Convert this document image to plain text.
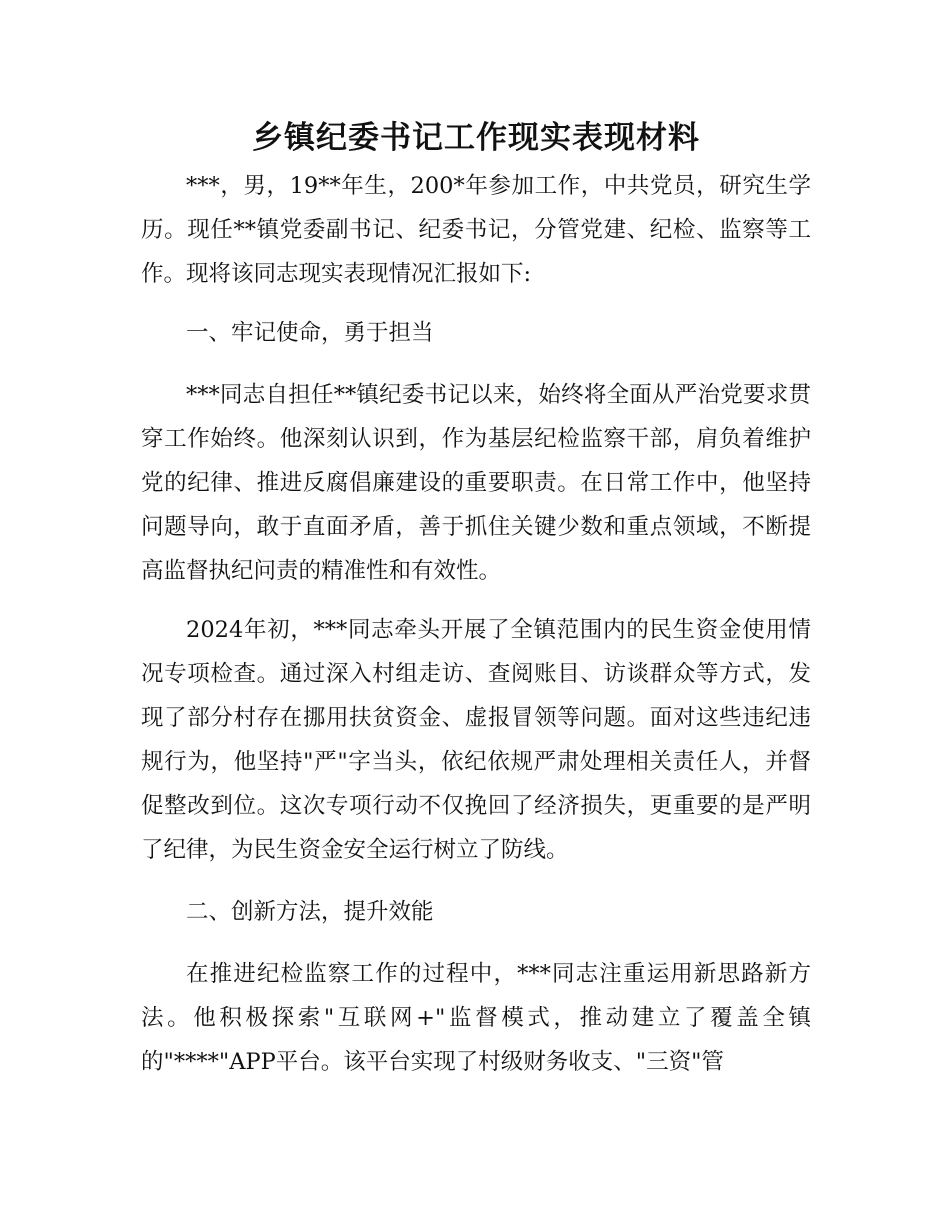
乡镇纪委书记工作现实表现材料

***，男，19**年生，200*年参加工作，中共党员，研究生学历。现任**镇党委副书记、纪委书记，分管党建、纪检、监察等工作。现将该同志现实表现情况汇报如下:

一、牢记使命，勇于担当

***同志自担任**镇纪委书记以来，始终将全面从严治党要求贯穿工作始终。他深刻认识到，作为基层纪检监察干部，肩负着维护党的纪律、推进反腐倡廉建设的重要职责。在日常工作中，他坚持问题导向，敢于直面矛盾，善于抓住关键少数和重点领域，不断提高监督执纪问责的精准性和有效性。

2024年初，***同志牵头开展了全镇范围内的民生资金使用情况专项检查。通过深入村组走访、查阅账目、访谈群众等方式，发现了部分村存在挪用扶贫资金、虚报冒领等问题。面对这些违纪违规行为，他坚持"严"字当头，依纪依规严肃处理相关责任人，并督促整改到位。这次专项行动不仅挽回了经济损失，更重要的是严明了纪律，为民生资金安全运行树立了防线。

二、创新方法，提升效能

在推进纪检监察工作的过程中，***同志注重运用新思路新方法。他积极探索"互联网+"监督模式，推动建立了覆盖全镇的"****"APP平台。该平台实现了村级财务收支、"三资"管
